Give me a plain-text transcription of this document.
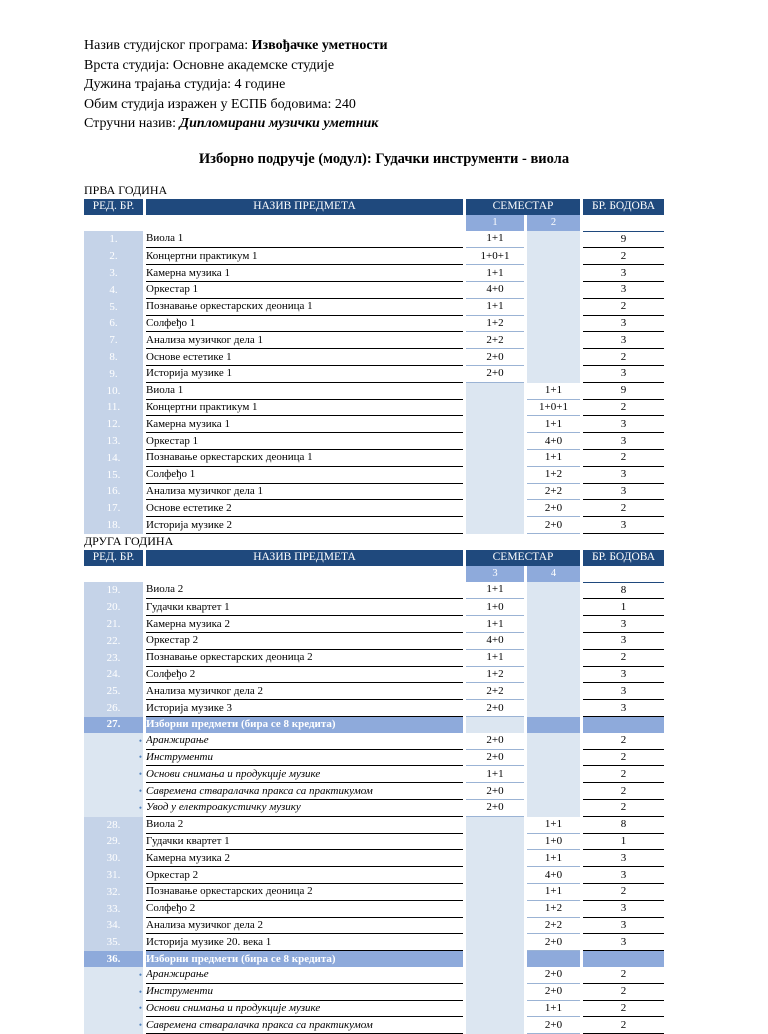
Назив студијског програма: Извођачке уметности
Врста студија: Основне академске студије
Дужина трајања студија: 4 године
Обим студија изражен у ЕСПБ бодовима: 240
Стручни назив: Дипломирани музички уметник
Изборно подручје (модул): Гудачки инструменти - виола
ПРВА ГОДИНА
РЕД. БР.		НАЗИВ ПРЕДМЕТА		СЕМЕСТАР				БР. БОДОВА
				1		2		
1.		Виола 1		1+1				9
2.		Концертни практикум 1		1+0+1				2
3.		Камерна музика 1		1+1				3
4.		Оркестар 1		4+0				3
5.		Познавање оркестарских деоница 1		1+1				2
6.		Солфеђо 1		1+2				3
7.		Анализа музичког дела 1		2+2				3
8.		Основе естетике 1		2+0				2
9.		Историја музике 1		2+0				3
10.		Виола 1				1+1		9
11.		Концертни практикум 1				1+0+1		2
12.		Камерна музика 1				1+1		3
13.		Оркестар 1				4+0		3
14.		Познавање оркестарских деоница 1				1+1		2
15.		Солфеђо 1				1+2		3
16.		Анализа музичког дела 1				2+2		3
17.		Основе естетике 2				2+0		2
18.		Историја музике 2				2+0		3
ДРУГА ГОДИНА
РЕД. БР.		НАЗИВ ПРЕДМЕТА		СЕМЕСТАР				БР. БОДОВА
				3		4		
19.		Виола 2		1+1				8
20.		Гудачки квартет 1		1+0				1
21.		Камерна музика 2		1+1				3
22.		Оркестар 2		4+0				3
23.		Познавање оркестарских деоница 2		1+1				2
24.		Солфеђо 2		1+2				3
25.		Анализа музичког дела 2		2+2				3
26.		Историја музике 3		2+0				3
27.		Изборни предмети (бира се 8 кредита)						
•		Аранжирање		2+0				2
•		Инструменти		2+0				2
•		Основи снимања и продукције музике		1+1				2
•		Савремена стваралачка пракса са практикумом		2+0				2
•		Увод у електроакустичку музику		2+0				2
28.		Виола 2				1+1		8
29.		Гудачки квартет 1				1+0		1
30.		Камерна музика 2				1+1		3
31.		Оркестар 2				4+0		3
32.		Познавање оркестарских деоница 2				1+1		2
33.		Солфеђо 2				1+2		3
34.		Анализа музичког дела 2				2+2		3
35.		Историја музике 20. века 1				2+0		3
36.		Изборни предмети (бира се 8 кредита)						
•		Аранжирање				2+0		2
•		Инструменти				2+0		2
•		Основи снимања и продукције музике				1+1		2
•		Савремена стваралачка пракса са практикумом				2+0		2
